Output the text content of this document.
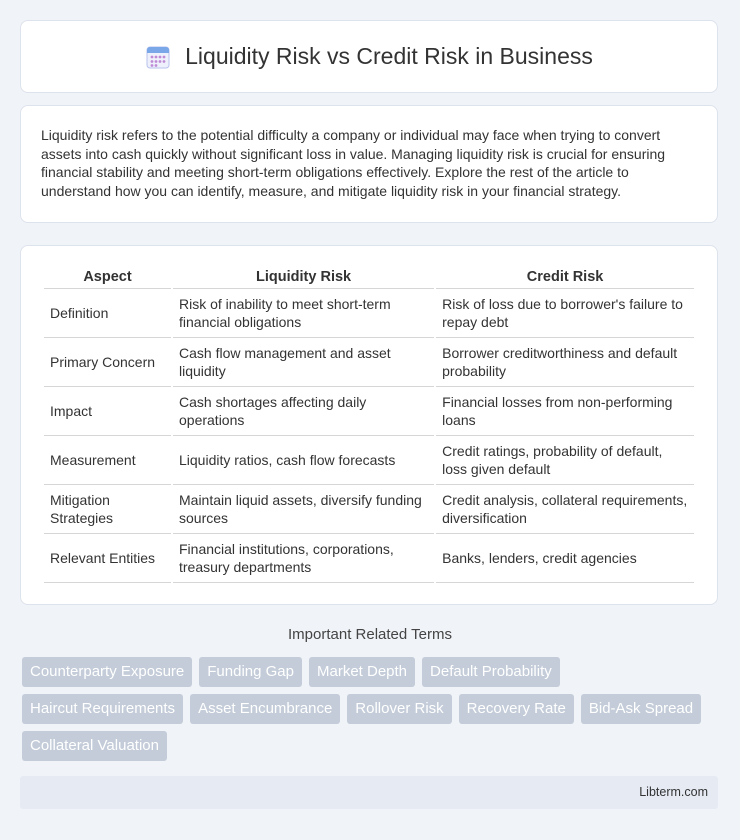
Liquidity Risk vs Credit Risk in Business

Liquidity risk refers to the potential difficulty a company or individual may face when trying to convert assets into cash quickly without significant loss in value. Managing liquidity risk is crucial for ensuring financial stability and meeting short-term obligations effectively. Explore the rest of the article to understand how you can identify, measure, and mitigate liquidity risk in your financial strategy.

Aspect	Liquidity Risk	Credit Risk
Definition	Risk of inability to meet short-term financial obligations	Risk of loss due to borrower's failure to repay debt
Primary Concern	Cash flow management and asset liquidity	Borrower creditworthiness and default probability
Impact	Cash shortages affecting daily operations	Financial losses from non-performing loans
Measurement	Liquidity ratios, cash flow forecasts	Credit ratings, probability of default, loss given default
Mitigation Strategies	Maintain liquid assets, diversify funding sources	Credit analysis, collateral requirements, diversification
Relevant Entities	Financial institutions, corporations, treasury departments	Banks, lenders, credit agencies
Important Related Terms
Counterparty Exposure	Funding Gap	Market Depth	Default Probability
Haircut Requirements	Asset Encumbrance	Rollover Risk	Recovery Rate	Bid-Ask Spread
Collateral Valuation
Libterm.com
